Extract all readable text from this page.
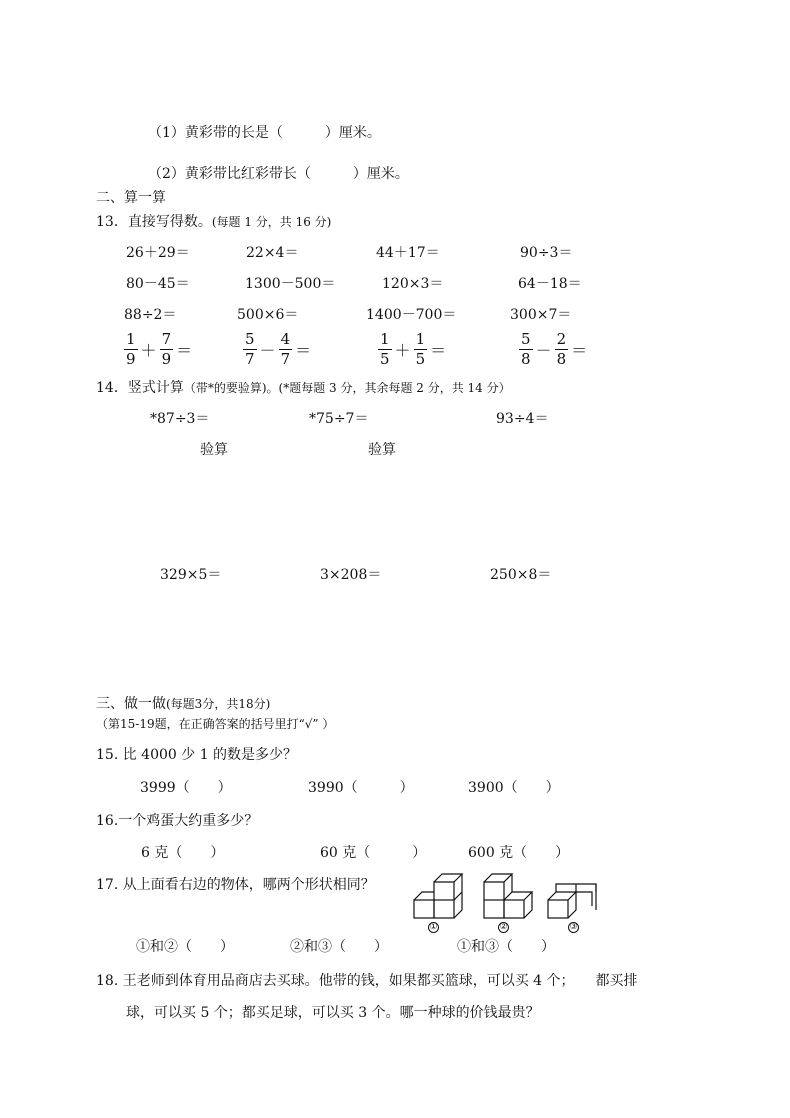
（1）黄彩带的长是（　　　）厘米。
（2）黄彩带比红彩带长（　　　）厘米。
二、算一算
13．直接写得数。(每题 1 分，共 16 分)
26＋29＝	22×4＝	44＋17＝	90÷3＝
80－45＝	1300－500＝	120×3＝	64－18＝
88÷2＝	500×6＝	1400－700＝	300×7＝
$\frac{1}{9} + \frac{7}{9}$ ＝	$\frac{5}{7} - \frac{4}{7}$ ＝	$\frac{1}{5} + \frac{1}{5}$ ＝	$\frac{5}{8} - \frac{2}{8}$ ＝
14．竖式计算（带*的要验算)。(*题每题 3 分，其余每题 2 分，共 14 分）
*87÷3＝	*75÷7＝	93÷4＝
验算	验算
329×5＝	3×208＝	250×8＝
三、做一做(每题3分，共18分)
（第15-19题，在正确答案的括号里打“√” ）
15. 比 4000 少 1 的数是多少？
3999（　　）	3990（　　　）	3900（　　）
16.一个鸡蛋大约重多少？
6 克（　　）	60 克（　　　）	600 克（　　）
17. 从上面看右边的物体，哪两个形状相同？
①	②	③
①和②（　　）	②和③（　　）	①和③（　　）
18. 王老师到体育用品商店去买球。他带的钱，如果都买篮球，可以买 4 个；　　都买排
球，可以买 5 个；都买足球，可以买 3 个。哪一种球的价钱最贵？
